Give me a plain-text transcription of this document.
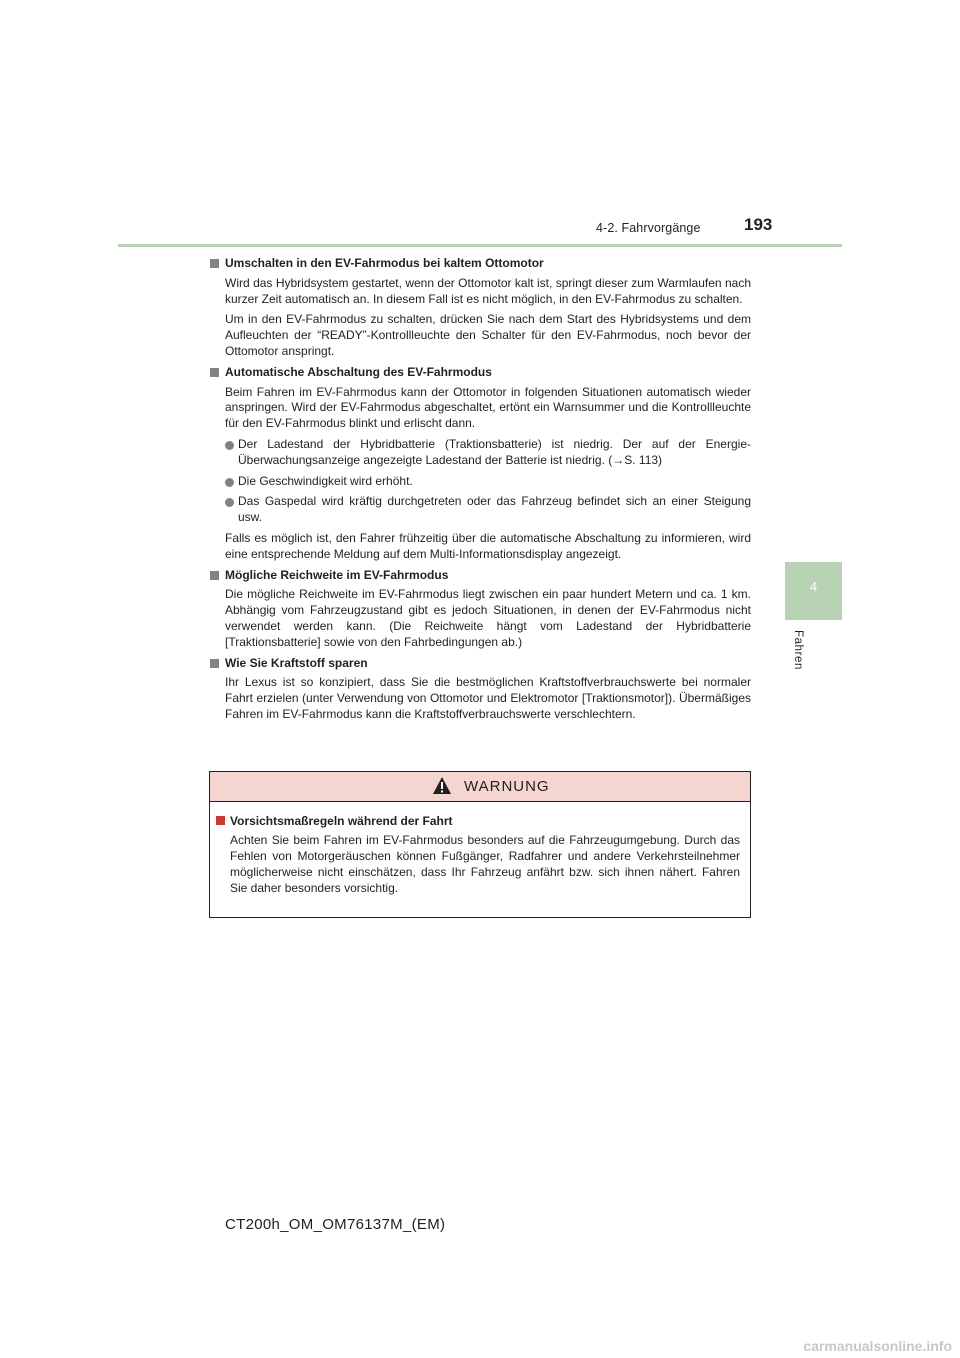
4-2. Fahrvorgänge	193
4
Fahren
Umschalten in den EV-Fahrmodus bei kaltem Ottomotor
Wird das Hybridsystem gestartet, wenn der Ottomotor kalt ist, springt dieser zum Warmlaufen nach kurzer Zeit automatisch an. In diesem Fall ist es nicht möglich, in den EV-Fahrmodus zu schalten.
Um in den EV-Fahrmodus zu schalten, drücken Sie nach dem Start des Hybridsystems und dem Aufleuchten der “READY”-Kontrollleuchte den Schalter für den EV-Fahrmodus, noch bevor der Ottomotor anspringt.
Automatische Abschaltung des EV-Fahrmodus
Beim Fahren im EV-Fahrmodus kann der Ottomotor in folgenden Situationen automatisch wieder anspringen. Wird der EV-Fahrmodus abgeschaltet, ertönt ein Warnsummer und die Kontrollleuchte für den EV-Fahrmodus blinkt und erlischt dann.
Der Ladestand der Hybridbatterie (Traktionsbatterie) ist niedrig. Der auf der Energie-Überwachungsanzeige angezeigte Ladestand der Batterie ist niedrig. (→S. 113)
Die Geschwindigkeit wird erhöht.
Das Gaspedal wird kräftig durchgetreten oder das Fahrzeug befindet sich an einer Steigung usw.
Falls es möglich ist, den Fahrer frühzeitig über die automatische Abschaltung zu informieren, wird eine entsprechende Meldung auf dem Multi-Informationsdisplay angezeigt.
Mögliche Reichweite im EV-Fahrmodus
Die mögliche Reichweite im EV-Fahrmodus liegt zwischen ein paar hundert Metern und ca. 1 km. Abhängig vom Fahrzeugzustand gibt es jedoch Situationen, in denen der EV-Fahrmodus nicht verwendet werden kann. (Die Reichweite hängt vom Ladestand der Hybridbatterie [Traktionsbatterie] sowie von den Fahrbedingungen ab.)
Wie Sie Kraftstoff sparen
Ihr Lexus ist so konzipiert, dass Sie die bestmöglichen Kraftstoffverbrauchswerte bei normaler Fahrt erzielen (unter Verwendung von Ottomotor und Elektromotor [Traktionsmotor]). Übermäßiges Fahren im EV-Fahrmodus kann die Kraftstoffverbrauchswerte verschlechtern.
WARNUNG
Vorsichtsmaßregeln während der Fahrt
Achten Sie beim Fahren im EV-Fahrmodus besonders auf die Fahrzeugumgebung. Durch das Fehlen von Motorgeräuschen können Fußgänger, Radfahrer und andere Verkehrsteilnehmer möglicherweise nicht einschätzen, dass Ihr Fahrzeug anfährt bzw. sich ihnen nähert. Fahren Sie daher besonders vorsichtig.
CT200h_OM_OM76137M_(EM)
carmanualsonline.info
